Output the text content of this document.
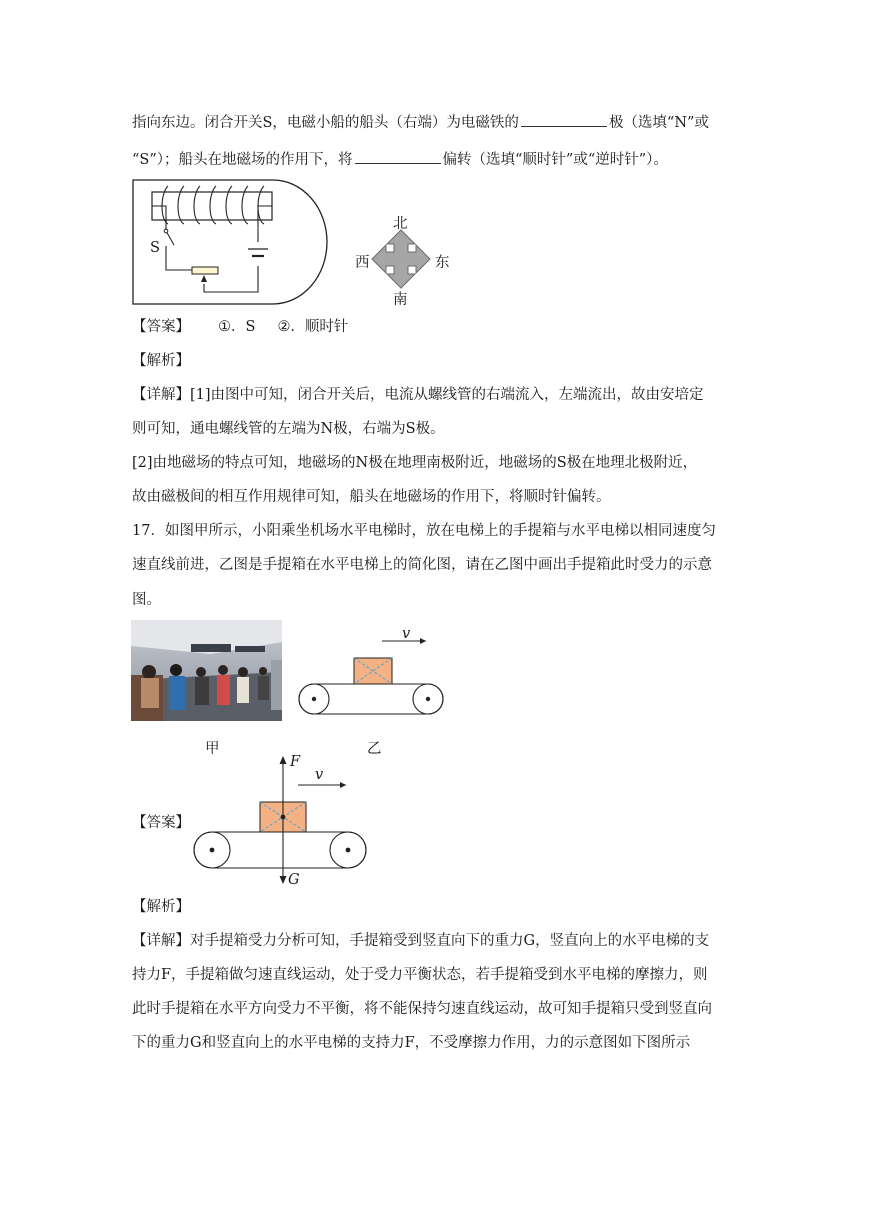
指向东边。闭合开关S，电磁小船的船头（右端）为电磁铁的	极（选填“N”或
“S”）；船头在地磁场的作用下，将	偏转（选填“顺时针”或“逆时针”）。
S
北
南
西	东
【答案】 ①．S ②．顺时针
【解析】
【详解】[1]由图中可知，闭合开关后，电流从螺线管的右端流入，左端流出，故由安培定
则可知，通电螺线管的左端为N极，右端为S极。
[2]由地磁场的特点可知，地磁场的N极在地理南极附近，地磁场的S极在地理北极附近，
故由磁极间的相互作用规律可知，船头在地磁场的作用下，将顺时针偏转。
17．如图甲所示，小阳乘坐机场水平电梯时，放在电梯上的手提箱与水平电梯以相同速度匀
速直线前进，乙图是手提箱在水平电梯上的简化图，请在乙图中画出手提箱此时受力的示意
图。
v
甲	乙
【答案】
F
v
G
【解析】
【详解】对手提箱受力分析可知，手提箱受到竖直向下的重力G，竖直向上的水平电梯的支
持力F，手提箱做匀速直线运动，处于受力平衡状态，若手提箱受到水平电梯的摩擦力，则
此时手提箱在水平方向受力不平衡，将不能保持匀速直线运动，故可知手提箱只受到竖直向
下的重力G和竖直向上的水平电梯的支持力F，不受摩擦力作用，力的示意图如下图所示
